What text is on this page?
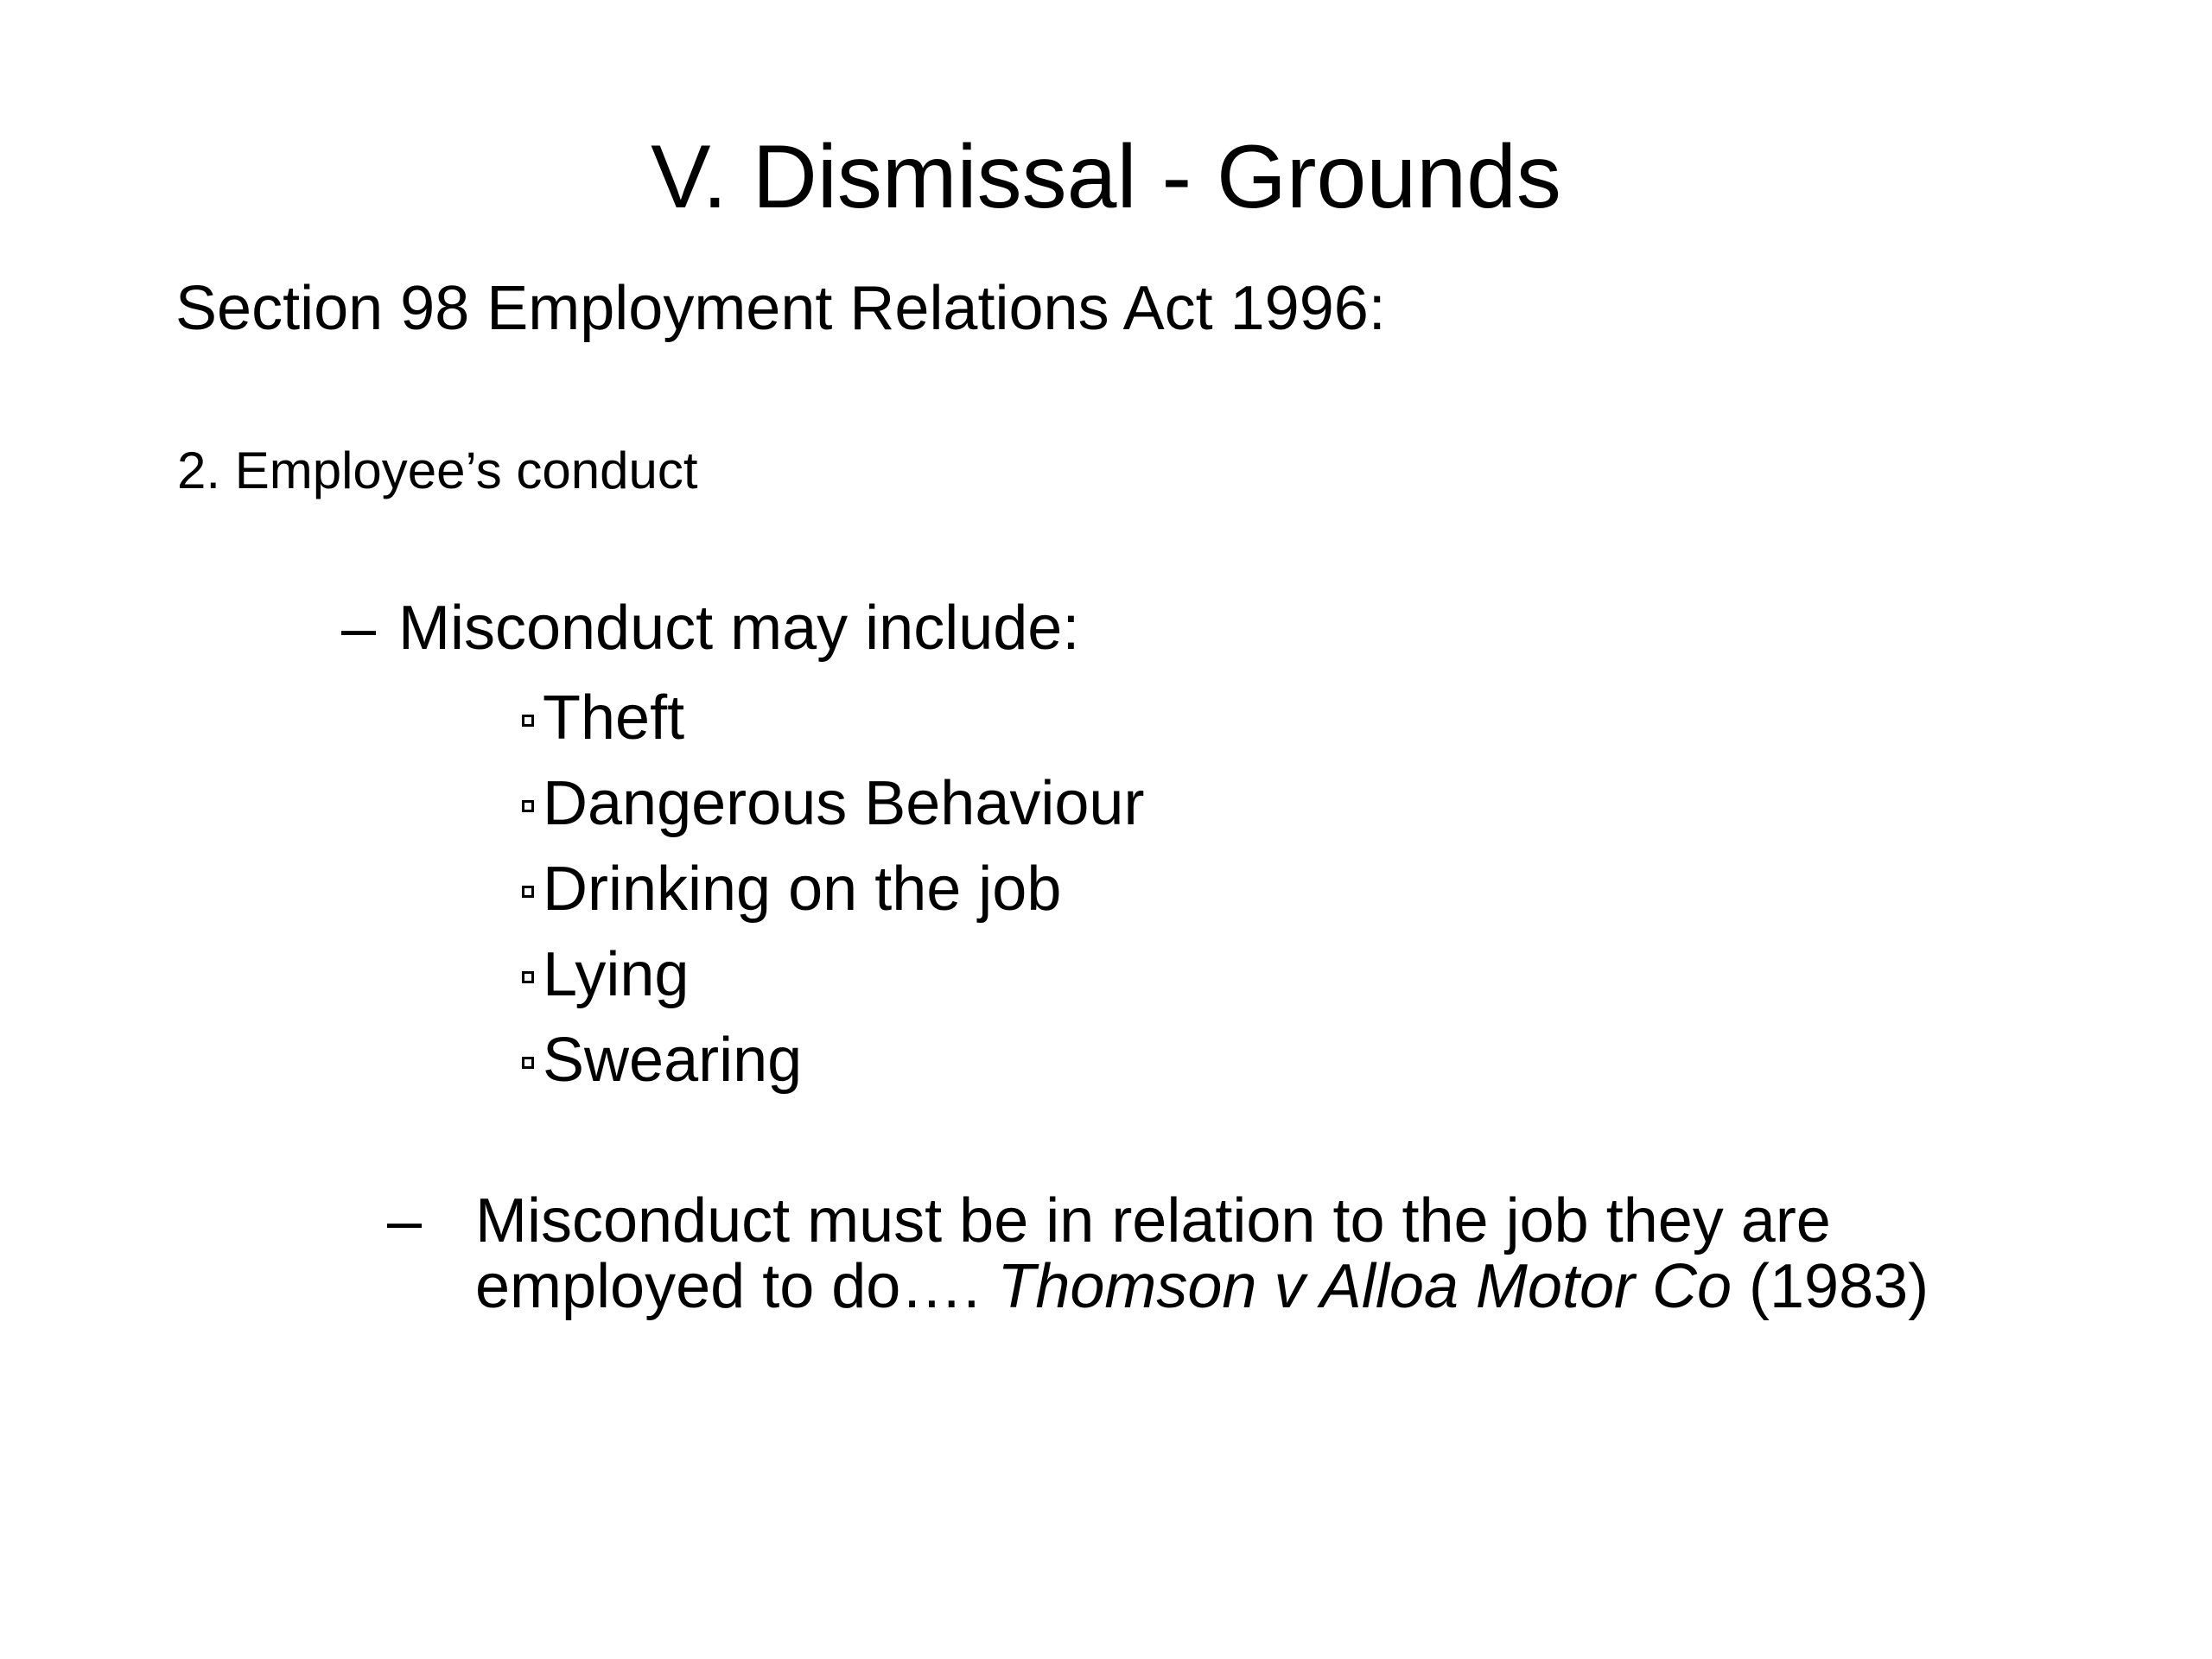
V. Dismissal - Grounds
Section 98 Employment Relations Act 1996:
2. Employee’s conduct
– Misconduct may include:
Theft
Dangerous Behaviour
Drinking on the job
Lying
Swearing
– Misconduct must be in relation to the job they are employed to do…. Thomson v Alloa Motor Co (1983)
